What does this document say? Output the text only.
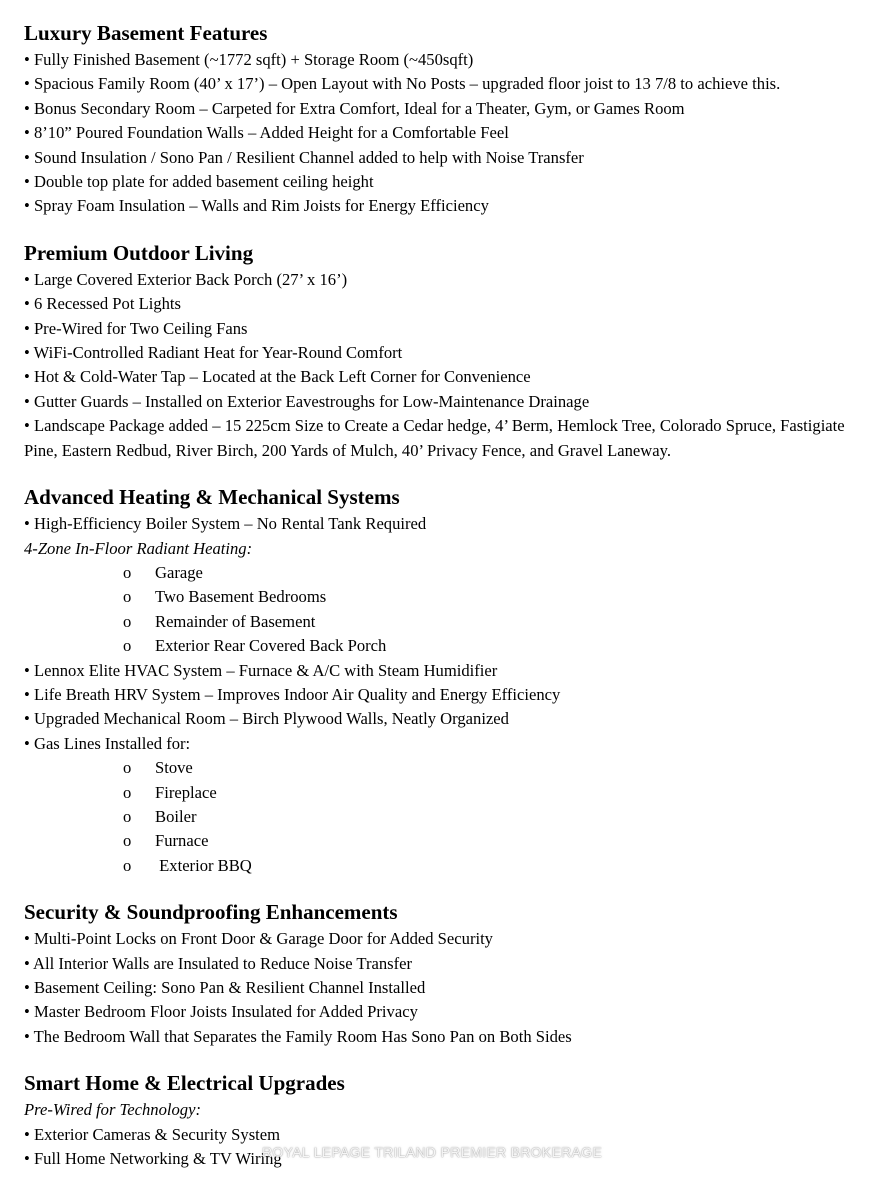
Luxury Basement Features

• Fully Finished Basement (~1772 sqft) + Storage Room (~450sqft)

• Spacious Family Room (40’ x 17’) – Open Layout with No Posts – upgraded floor joist to 13 7/8 to achieve this.

• Bonus Secondary Room – Carpeted for Extra Comfort, Ideal for a Theater, Gym, or Games Room

• 8’10” Poured Foundation Walls – Added Height for a Comfortable Feel

• Sound Insulation / Sono Pan / Resilient Channel added to help with Noise Transfer

• Double top plate for added basement ceiling height

• Spray Foam Insulation – Walls and Rim Joists for Energy Efficiency

Premium Outdoor Living

• Large Covered Exterior Back Porch (27’ x 16’)

• 6 Recessed Pot Lights

• Pre-Wired for Two Ceiling Fans

• WiFi-Controlled Radiant Heat for Year-Round Comfort

• Hot & Cold-Water Tap – Located at the Back Left Corner for Convenience

• Gutter Guards – Installed on Exterior Eavestroughs for Low-Maintenance Drainage

• Landscape Package added – 15 225cm Size to Create a Cedar hedge, 4’ Berm, Hemlock Tree, Colorado Spruce, Fastigiate Pine, Eastern Redbud, River Birch, 200 Yards of Mulch, 40’ Privacy Fence, and Gravel Laneway.

Advanced Heating & Mechanical Systems

• High-Efficiency Boiler System – No Rental Tank Required

4-Zone In-Floor Radiant Heating:

o	Garage

o	Two Basement Bedrooms

o	Remainder of Basement

o	Exterior Rear Covered Back Porch

• Lennox Elite HVAC System – Furnace & A/C with Steam Humidifier

• Life Breath HRV System – Improves Indoor Air Quality and Energy Efficiency

• Upgraded Mechanical Room – Birch Plywood Walls, Neatly Organized

• Gas Lines Installed for:

o	Stove

o	Fireplace

o	Boiler

o	Furnace

o	Exterior BBQ

Security & Soundproofing Enhancements

• Multi-Point Locks on Front Door & Garage Door for Added Security

• All Interior Walls are Insulated to Reduce Noise Transfer

• Basement Ceiling: Sono Pan & Resilient Channel Installed

• Master Bedroom Floor Joists Insulated for Added Privacy

• The Bedroom Wall that Separates the Family Room Has Sono Pan on Both Sides

Smart Home & Electrical Upgrades

Pre-Wired for Technology:

• Exterior Cameras & Security System

• Full Home Networking & TV Wiring

ROYAL LEPAGE TRILAND PREMIER BROKERAGE
